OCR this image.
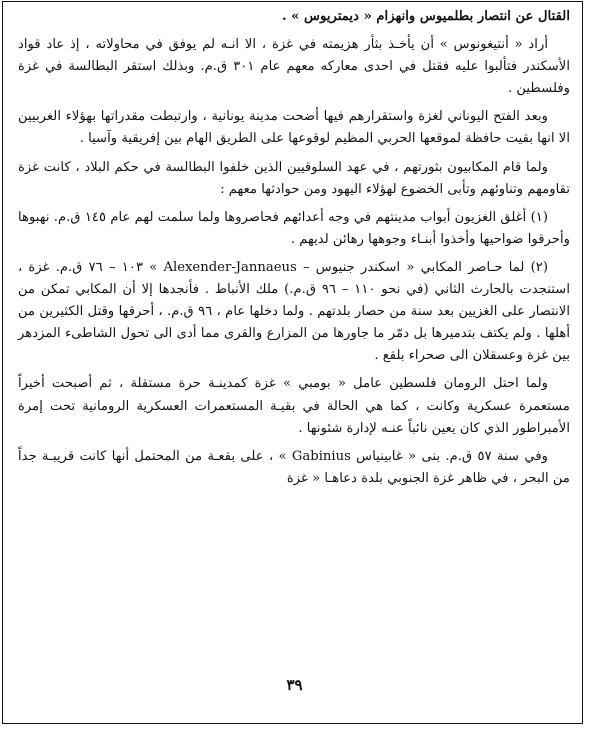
القتال عن انتصار بطلميوس وانهزام « ديمتريوس » .

أراد « أنتيغونوس » أن يأخـذ بثأر هزيمته في غزة ، الا انـه لم يوفق في محاولاته ، إذ عاد قواد الأسكندر فتألبوا عليه فقتل في احدى معاركه معهم عام ٣٠١ ق.م. وبذلك استقر البطالسة في غزة وفلسطين .

وبعد الفتح اليوناني لغزة واستقرارهم فيها أضحت مدينة يونانية ، وارتبطت مقدراتها بهؤلاء الغربيين الا انها بقيت حافظة لموقعها الحربي المظيم لوقوعها على الطريق الهام بين إفريقية وآسيا .

ولما قام المكابيون بثورتهم ، في عهد السلوقيين الذين خلفوا البطالسة في حكم البلاد ، كانت غزة تقاومهم وتناوئهم وتأبى الخضوع لهؤلاء اليهود ومن حوادثها معهم :

(١) أغلق الغزيون أبواب مدينتهم في وجه أعدائهم فحاصروها ولما سلمت لهم عام ١٤٥ ق.م. نهبوها وأحرقوا ضواحيها وأخذوا أبنـاء وجوهها رهائن لديهم .

(٢) لما حـاصر المكابي « اسكندر جنيوس – Alexender-Jannaeus » ١٠٣ – ٧٦ ق.م. غزة ، استنجدت بالحارث الثاني (في نحو ١١٠ – ٩٦ ق.م.) ملك الأنباط . فأنجدها إلا أن المكابي تمكن من الانتصار على الغزيين بعد سنة من حصار بلدتهم . ولما دخلها عام ، ٩٦ ق.م. ، أحرقها وقتل الكثيرين من أهلها . ولم يكتف بتدميرها بل دمّر ما جاورها من المزارع والقرى مما أدى الى تحول الشاطىء المزدهر بين غزة وعسقلان الى صحراء بلقع .

ولما احتل الرومان فلسطين عامل « بومبي » غزة كمدينـة حرة مستقلة ، ثم أصبحت أخيراً مستعمرة عسكرية وكانت ، كما هي الحالة في بقيـة المستعمرات العسكرية الرومانية تحت إمرة الأمبراطور الذي كان يعين نائباً عنـه لإدارة شئونها .

وفي سنة ٥٧ ق.م. بنى « غابينياس Gabinius » ، على بقعـة من المحتمل أنها كانت قريبـة جداً من البحر ، في ظاهر غزة الجنوبي بلدة دعاهـا « غزة

٣٩
